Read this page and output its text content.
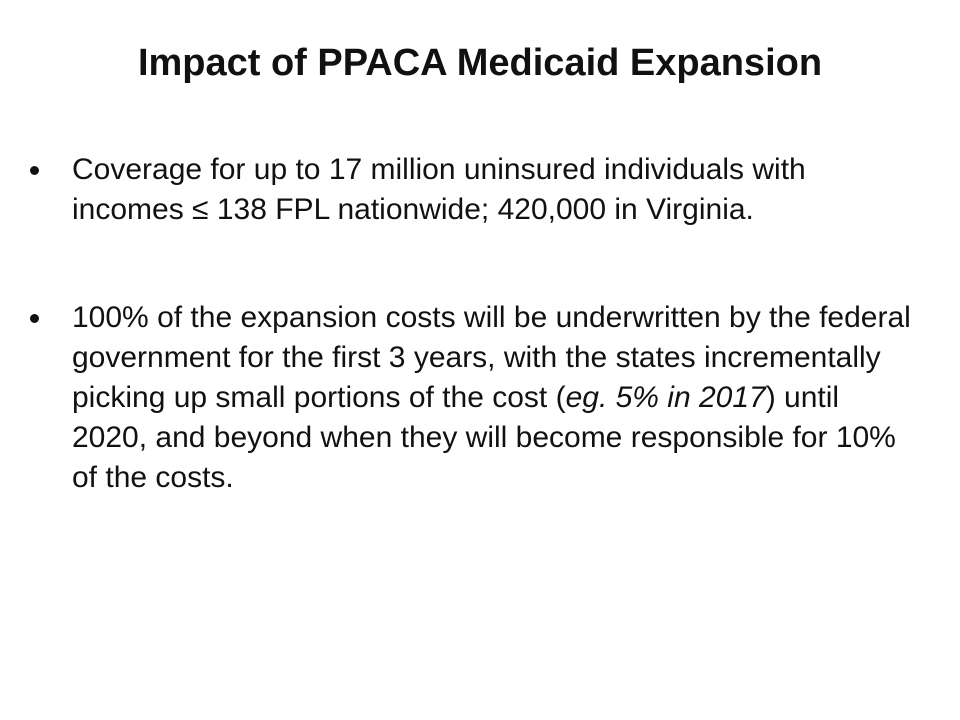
Impact of PPACA Medicaid Expansion
Coverage for up to 17 million uninsured individuals with incomes ≤ 138 FPL nationwide; 420,000 in Virginia.
100% of the expansion costs will be underwritten by the federal government for the first 3 years, with the states incrementally picking up small portions of the cost (eg. 5% in 2017) until 2020, and beyond when they will become responsible for 10% of the costs.
